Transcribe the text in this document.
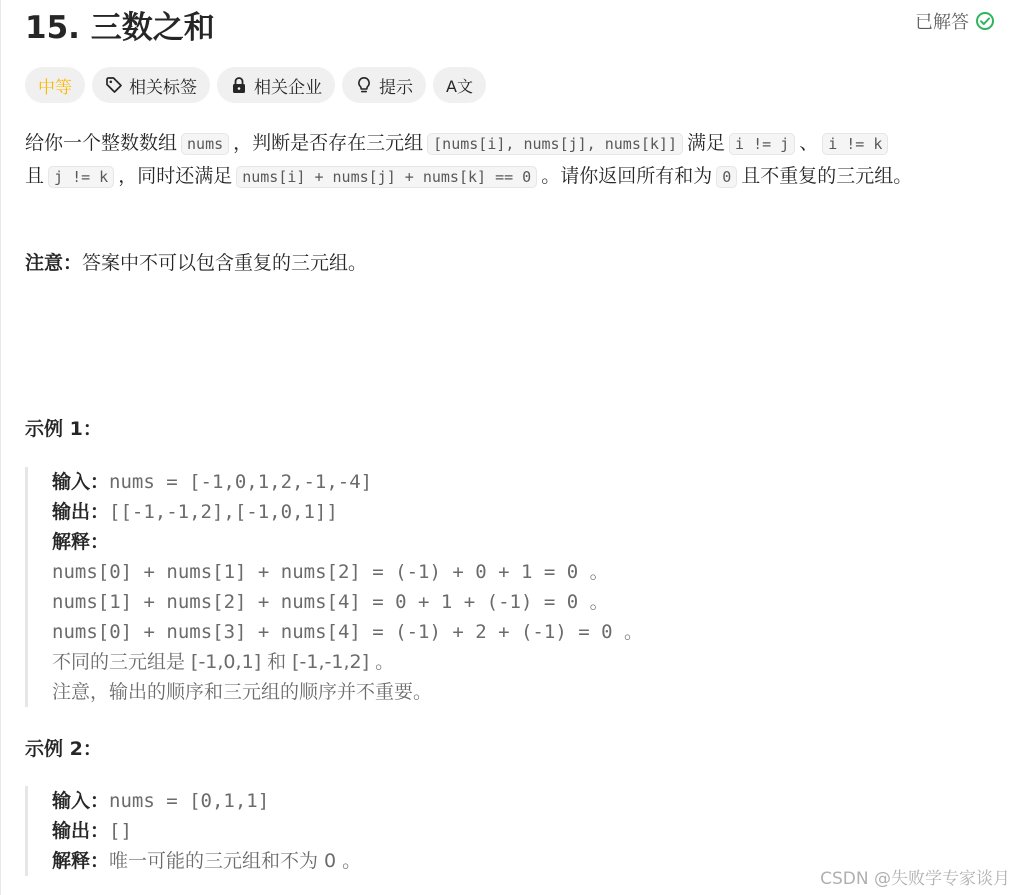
15. 三数之和	已解答
中等	相关标签	相关企业	提示 A文
给你一个整数数组 nums ，判断是否存在三元组 [nums[i], nums[j], nums[k]] 满足 i != j 、 i != k
且 j != k ，同时还满足 nums[i] + nums[j] + nums[k] == 0 。请你返回所有和为 0 且不重复的三元组。
注意：答案中不可以包含重复的三元组。
示例 1：
输入：nums = [-1,0,1,2,-1,-4]
输出：[[-1,-1,2],[-1,0,1]]
解释：
nums[0] + nums[1] + nums[2] = (-1) + 0 + 1 = 0 。
nums[1] + nums[2] + nums[4] = 0 + 1 + (-1) = 0 。
nums[0] + nums[3] + nums[4] = (-1) + 2 + (-1) = 0 。
不同的三元组是 [-1,0,1] 和 [-1,-1,2] 。
注意，输出的顺序和三元组的顺序并不重要。
示例 2：
输入：nums = [0,1,1]
输出：[]
解释：唯一可能的三元组和不为 0 。
CSDN @失败学专家谈月
